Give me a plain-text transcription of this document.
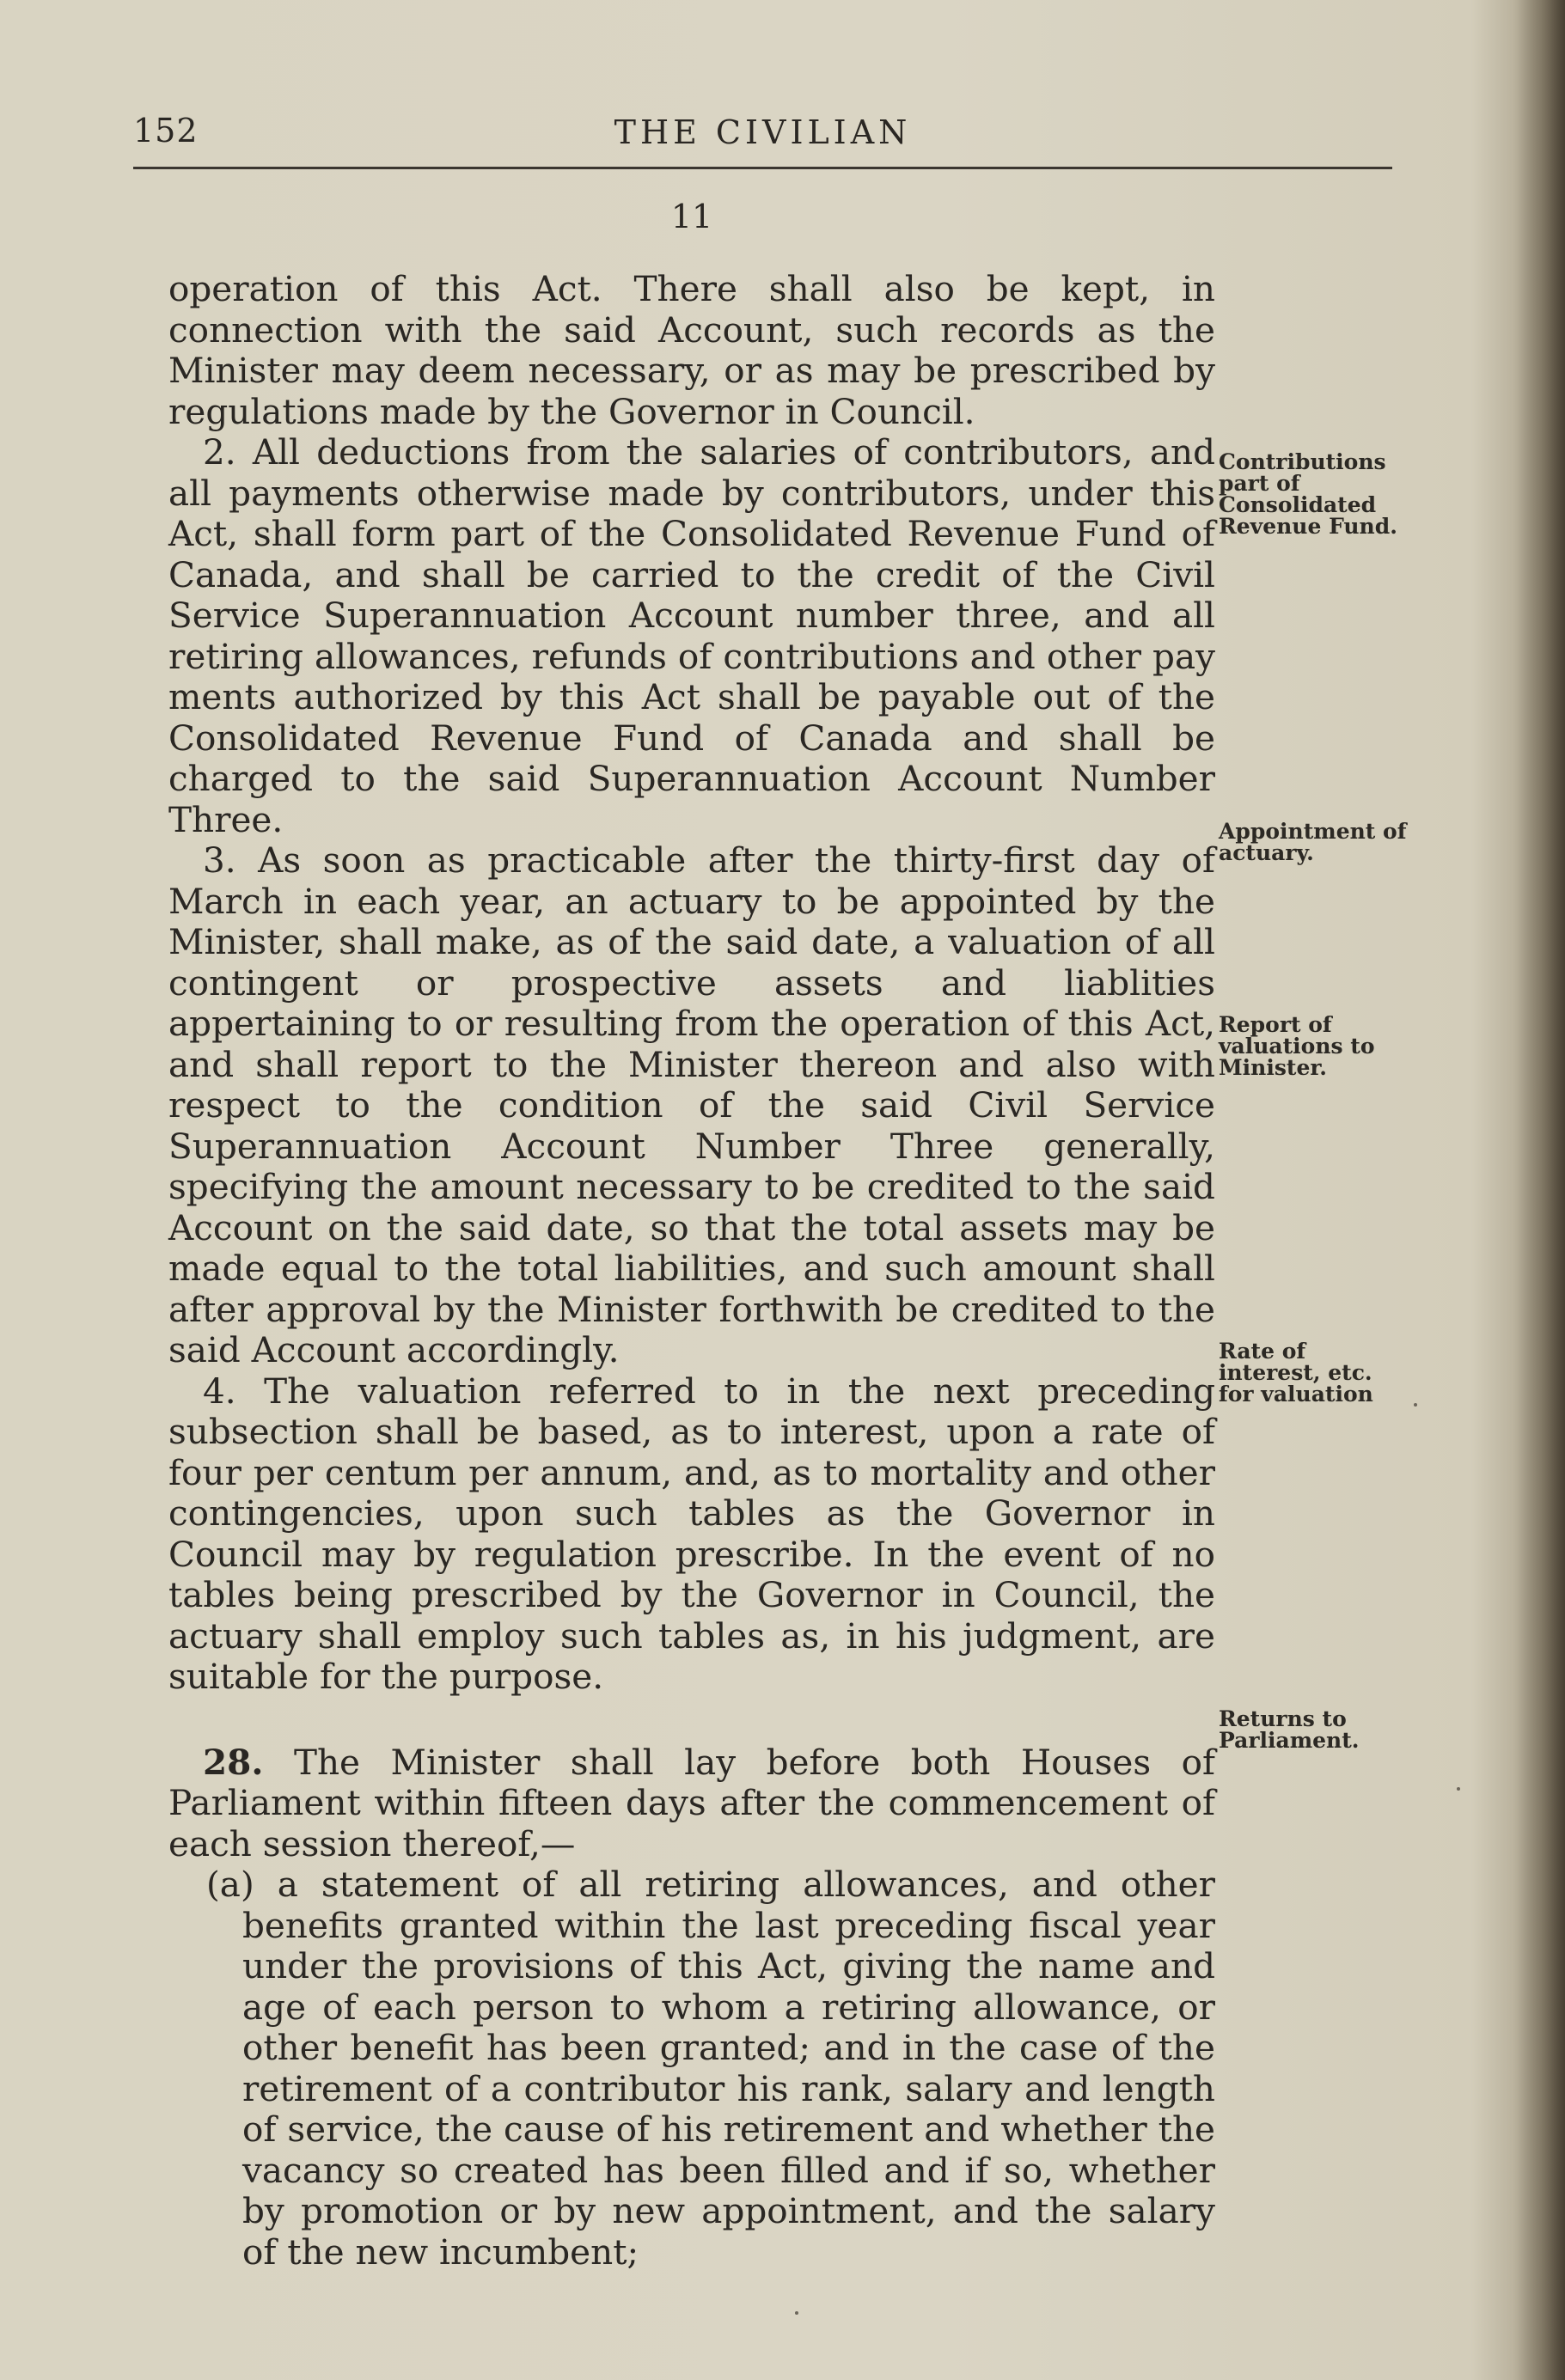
152	THE CIVILIAN
11

operation of this Act. There shall also be kept, in connection with the said Account, such records as the Minister may deem necessary, or as may be prescribed by regulations made by the Governor in Council.

2. All deductions from the salaries of contributors, and all payments otherwise made by contributors, under this Act, shall form part of the Consolidated Revenue Fund of Canada, and shall be carried to the credit of the Civil Service Superannuation Account number three, and all retiring allowances, refunds of contributions and other pay ments authorized by this Act shall be payable out of the Consolidated Revenue Fund of Canada and shall be charged to the said Superannuation Account Number Three.

3. As soon as practicable after the thirty-first day of March in each year, an actuary to be appointed by the Minister, shall make, as of the said date, a valuation of all contingent or prospective assets and liablities appertaining to or resulting from the operation of this Act, and shall report to the Minister thereon and also with respect to the condition of the said Civil Service Superannuation Account Number Three generally, specifying the amount necessary to be credited to the said Account on the said date, so that the total assets may be made equal to the total liabilities, and such amount shall after approval by the Minister forthwith be credited to the said Account accordingly.

4. The valuation referred to in the next preceding subsection shall be based, as to interest, upon a rate of four per centum per annum, and, as to mortality and other contingencies, upon such tables as the Governor in Council may by regulation prescribe. In the event of no tables being prescribed by the Governor in Council, the actuary shall employ such tables as, in his judgment, are suitable for the purpose.

28. The Minister shall lay before both Houses of Parliament within fifteen days after the commencement of each session thereof,—

(a) a statement of all retiring allowances, and other benefits granted within the last preceding fiscal year under the provisions of this Act, giving the name and age of each person to whom a retiring allowance, or other benefit has been granted; and in the case of the retirement of a contributor his rank, salary and length of service, the cause of his retirement and whether the vacancy so created has been filled and if so, whether by promotion or by new appointment, and the salary of the new incumbent;

Contributions part of Consolidated Revenue Fund.
Appointment of actuary.
Report of valuations to Minister.
Rate of interest, etc. for valuation
Returns to Parliament.
